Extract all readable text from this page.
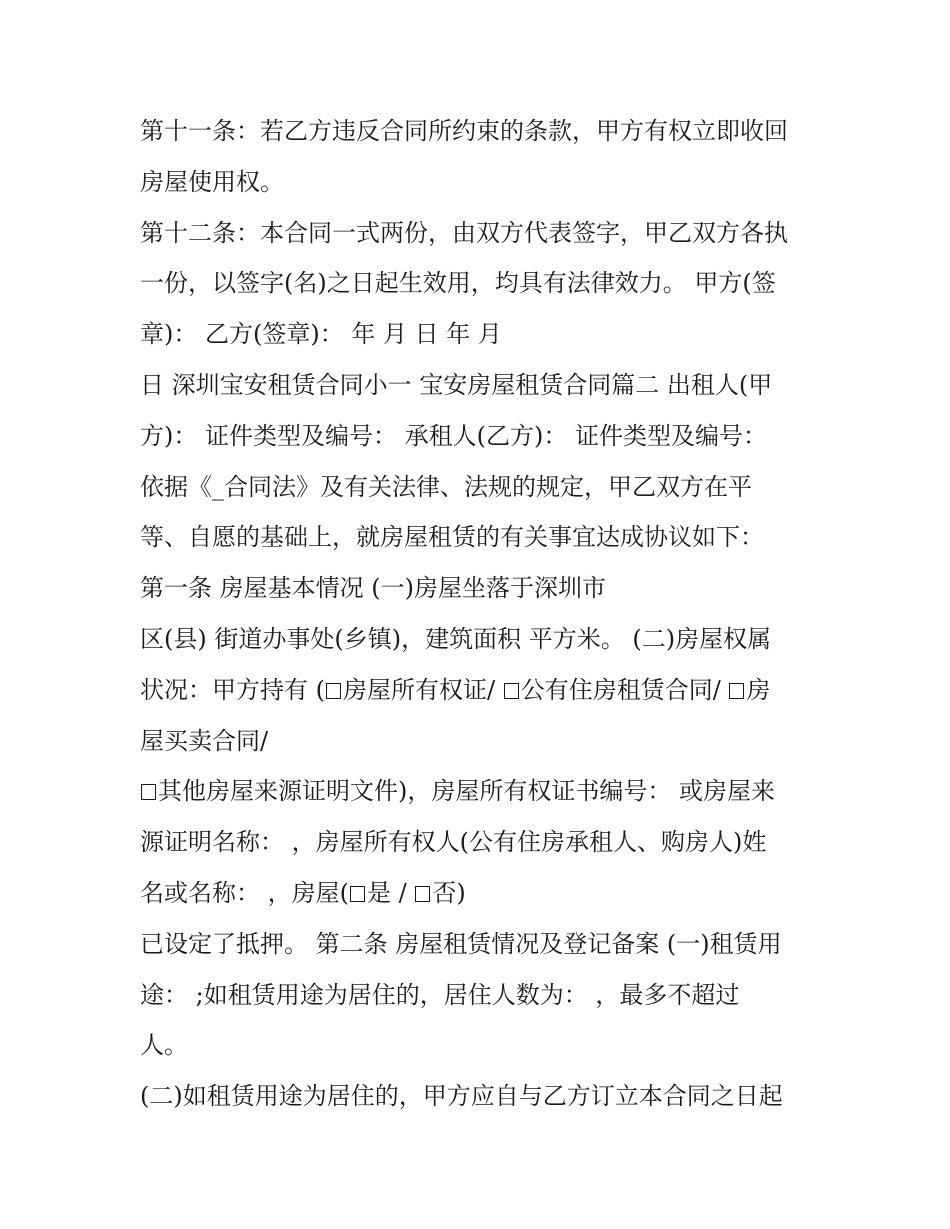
第十一条：若乙方违反合同所约束的条款，甲方有权立即收回
房屋使用权。
第十二条：本合同一式两份，由双方代表签字，甲乙双方各执
一份，以签字(名)之日起生效用，均具有法律效力。 甲方(签
章)： 乙方(签章)： 年 月 日 年 月
日 深圳宝安租赁合同小一 宝安房屋租赁合同篇二 出租人(甲
方)： 证件类型及编号： 承租人(乙方)： 证件类型及编号：
依据《_合同法》及有关法律、法规的规定，甲乙双方在平
等、自愿的基础上，就房屋租赁的有关事宜达成协议如下：
第一条 房屋基本情况 (一)房屋坐落于深圳市
区(县) 街道办事处(乡镇)，建筑面积 平方米。 (二)房屋权属
状况：甲方持有 ( 房屋所有权证/ 公有住房租赁合同/ 房
屋买卖合同/
其他房屋来源证明文件)，房屋所有权证书编号： 或房屋来
源证明名称： ，房屋所有权人(公有住房承租人、购房人)姓
名或名称： ，房屋( 是 / 否)
已设定了抵押。 第二条 房屋租赁情况及登记备案 (一)租赁用
途： ;如租赁用途为居住的，居住人数为： ，最多不超过
人。
(二)如租赁用途为居住的，甲方应自与乙方订立本合同之日起
